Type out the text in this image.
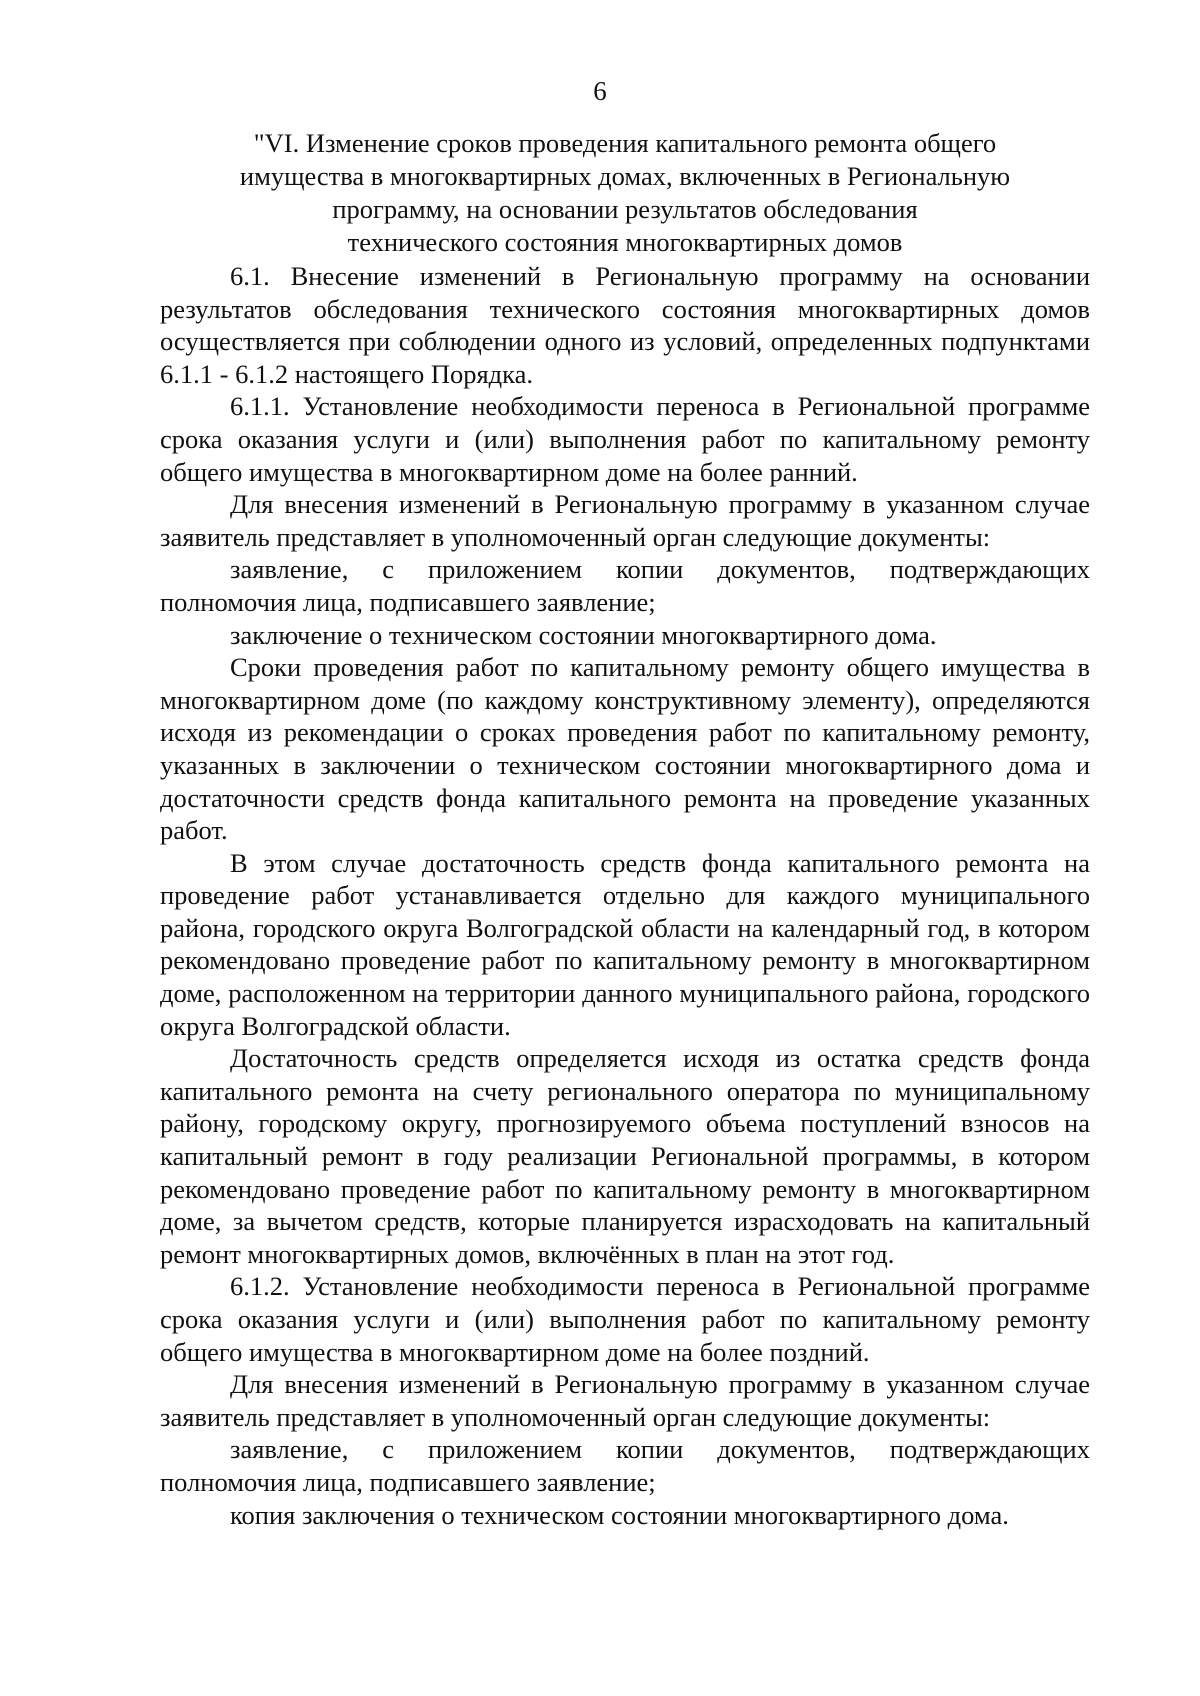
6
"VI. Изменение сроков проведения капитального ремонта общего
имущества в многоквартирных домах, включенных в Региональную
программу, на основании результатов обследования
технического состояния многоквартирных домов

6.1. Внесение изменений в Региональную программу на основании результатов обследования технического состояния многоквартирных домов осуществляется при соблюдении одного из условий, определенных подпунктами 6.1.1 - 6.1.2 настоящего Порядка.

6.1.1. Установление необходимости переноса в Региональной программе срока оказания услуги и (или) выполнения работ по капитальному ремонту общего имущества в многоквартирном доме на более ранний.

Для внесения изменений в Региональную программу в указанном случае заявитель представляет в уполномоченный орган следующие документы:

заявление, с приложением копии документов, подтверждающих полномочия лица, подписавшего заявление;

заключение о техническом состоянии многоквартирного дома.

Сроки проведения работ по капитальному ремонту общего имущества в многоквартирном доме (по каждому конструктивному элементу), определяются исходя из рекомендации о сроках проведения работ по капитальному ремонту, указанных в заключении о техническом состоянии многоквартирного дома и достаточности средств фонда капитального ремонта на проведение указанных работ.

В этом случае достаточность средств фонда капитального ремонта на проведение работ устанавливается отдельно для каждого муниципального района, городского округа Волгоградской области на календарный год, в котором рекомендовано проведение работ по капитальному ремонту в многоквартирном доме, расположенном на территории данного муниципального района, городского округа Волгоградской области.

Достаточность средств определяется исходя из остатка средств фонда капитального ремонта на счету регионального оператора по муниципальному району, городскому округу, прогнозируемого объема поступлений взносов на капитальный ремонт в году реализации Региональной программы, в котором рекомендовано проведение работ по капитальному ремонту в многоквартирном доме, за вычетом средств, которые планируется израсходовать на капитальный ремонт многоквартирных домов, включённых в план на этот год.

6.1.2. Установление необходимости переноса в Региональной программе срока оказания услуги и (или) выполнения работ по капитальному ремонту общего имущества в многоквартирном доме на более поздний.

Для внесения изменений в Региональную программу в указанном случае заявитель представляет в уполномоченный орган следующие документы:

заявление, с приложением копии документов, подтверждающих полномочия лица, подписавшего заявление;

копия заключения о техническом состоянии многоквартирного дома.
